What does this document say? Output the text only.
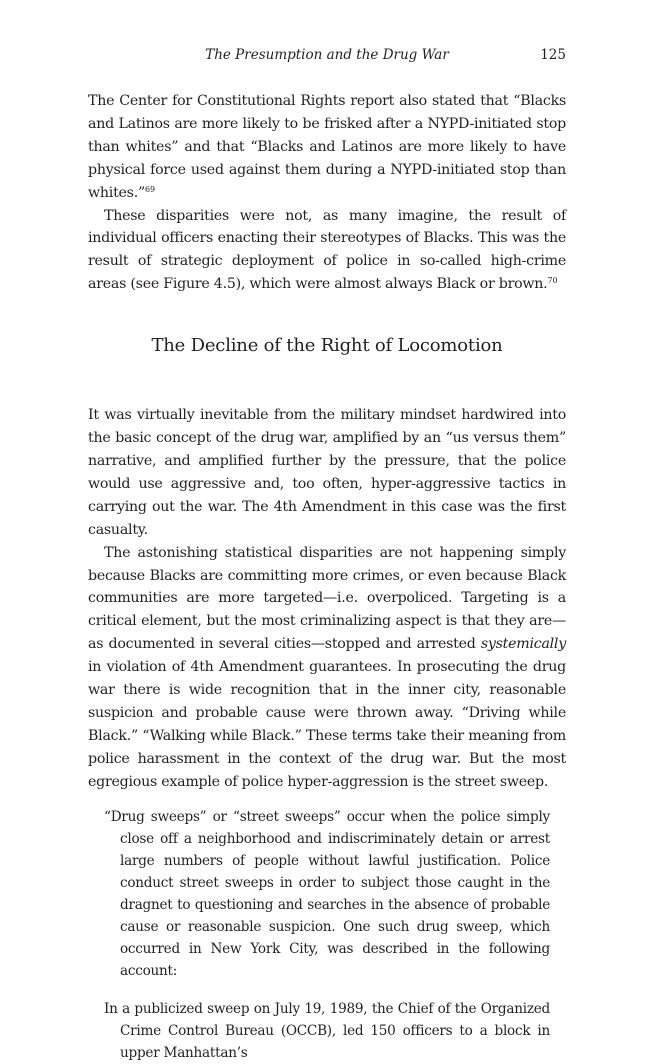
The Presumption and the Drug War	125

The Center for Constitutional Rights report also stated that “Blacks and Latinos are more likely to be frisked after a NYPD-initiated stop than whites” and that “Blacks and Latinos are more likely to have physical force used against them during a NYPD-initiated stop than whites.”$^{69}$

These disparities were not, as many imagine, the result of individual officers enacting their stereotypes of Blacks. This was the result of strategic deployment of police in so-called high-crime areas (see Figure 4.5), which were almost always Black or brown.$^{70}$

The Decline of the Right of Locomotion

It was virtually inevitable from the military mindset hardwired into the basic concept of the drug war, amplified by an “us versus them” narrative, and amplified further by the pressure, that the police would use aggressive and, too often, hyper-aggressive tactics in carrying out the war. The 4th Amendment in this case was the first casualty.

The astonishing statistical disparities are not happening simply because Blacks are committing more crimes, or even because Black communities are more targeted—i.e. overpoliced. Targeting is a critical element, but the most criminalizing aspect is that they are—as documented in several cities—stopped and arrested systemically in violation of 4th Amendment guarantees. In prosecuting the drug war there is wide recognition that in the inner city, reasonable suspicion and probable cause were thrown away. “Driving while Black.” “Walking while Black.” These terms take their meaning from police harassment in the context of the drug war. But the most egregious example of police hyper-aggression is the street sweep.

“Drug sweeps” or “street sweeps” occur when the police simply close off a neighborhood and indiscriminately detain or arrest large numbers of people without lawful justification. Police conduct street sweeps in order to subject those caught in the dragnet to questioning and searches in the absence of probable cause or reasonable suspicion. One such drug sweep, which occurred in New York City, was described in the following account:

In a publicized sweep on July 19, 1989, the Chief of the Organized Crime Control Bureau (OCCB), led 150 officers to a block in upper Manhattan’s
